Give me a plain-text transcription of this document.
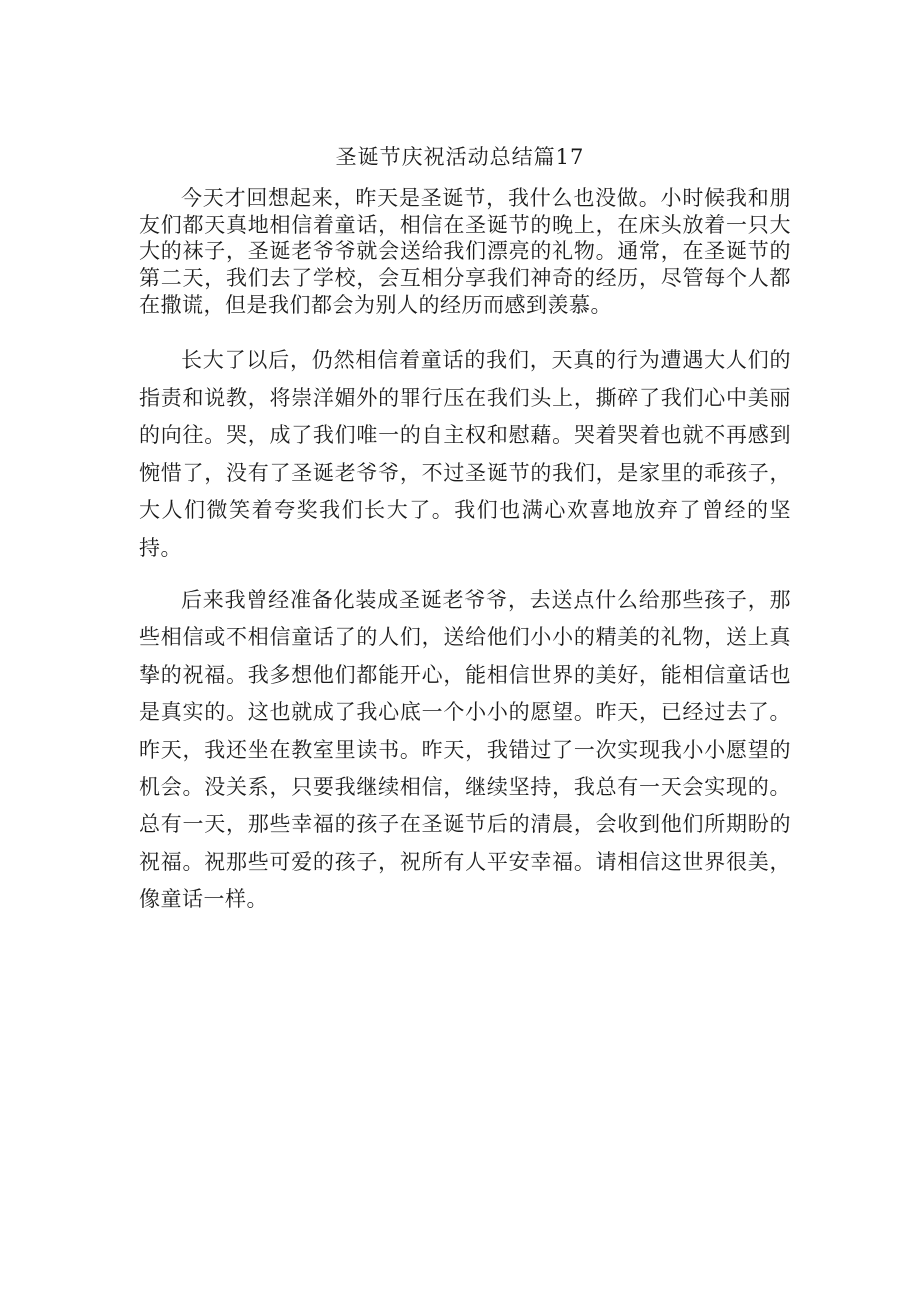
圣诞节庆祝活动总结篇17

今天才回想起来，昨天是圣诞节，我什么也没做。小时候我和朋友们都天真地相信着童话，相信在圣诞节的晚上，在床头放着一只大大的袜子，圣诞老爷爷就会送给我们漂亮的礼物。通常，在圣诞节的第二天，我们去了学校，会互相分享我们神奇的经历，尽管每个人都在撒谎，但是我们都会为别人的经历而感到羡慕。

长大了以后，仍然相信着童话的我们，天真的行为遭遇大人们的指责和说教，将崇洋媚外的罪行压在我们头上，撕碎了我们心中美丽的向往。哭，成了我们唯一的自主权和慰藉。哭着哭着也就不再感到惋惜了，没有了圣诞老爷爷，不过圣诞节的我们，是家里的乖孩子，大人们微笑着夸奖我们长大了。我们也满心欢喜地放弃了曾经的坚持。

后来我曾经准备化装成圣诞老爷爷，去送点什么给那些孩子，那些相信或不相信童话了的人们，送给他们小小的精美的礼物，送上真挚的祝福。我多想他们都能开心，能相信世界的美好，能相信童话也是真实的。这也就成了我心底一个小小的愿望。昨天，已经过去了。昨天，我还坐在教室里读书。昨天，我错过了一次实现我小小愿望的机会。没关系，只要我继续相信，继续坚持，我总有一天会实现的。总有一天，那些幸福的孩子在圣诞节后的清晨，会收到他们所期盼的祝福。祝那些可爱的孩子，祝所有人平安幸福。请相信这世界很美，像童话一样。
